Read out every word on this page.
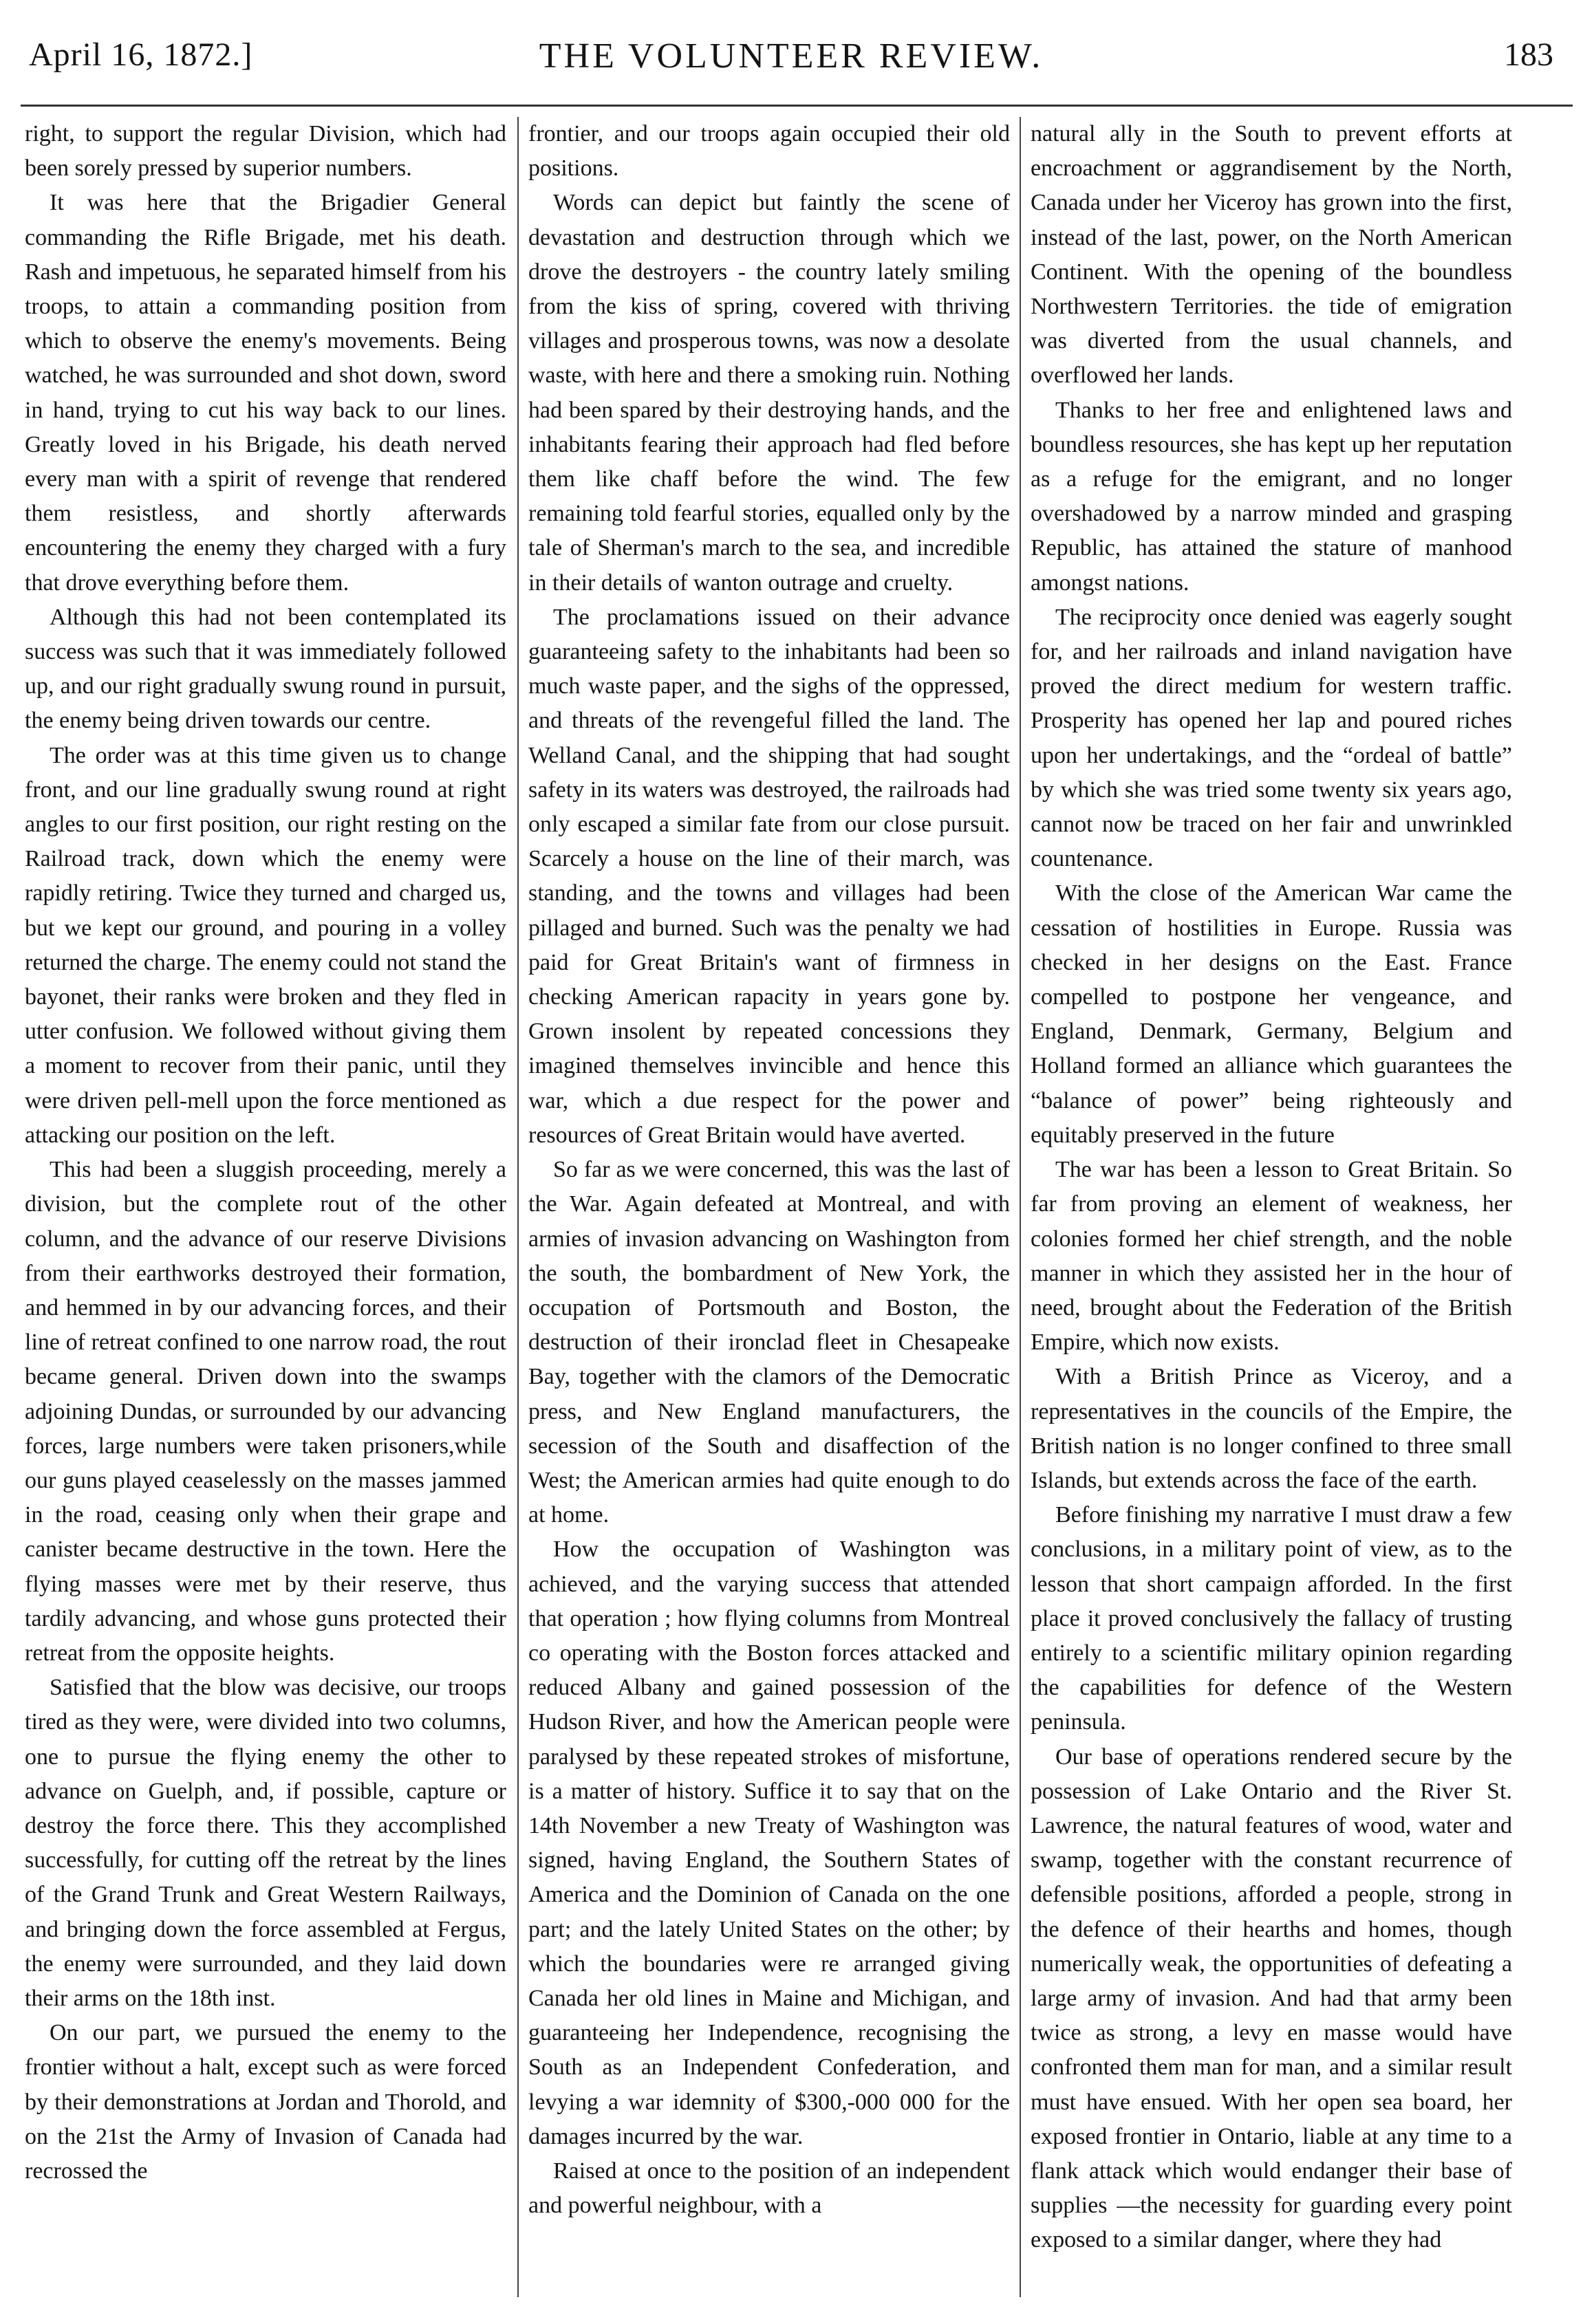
April 16, 1872.]	THE VOLUNTEER REVIEW.	183

right, to support the regular Division, which had been sorely pressed by superior numbers.

It was here that the Brigadier General commanding the Rifle Brigade, met his death. Rash and impetuous, he separated himself from his troops, to attain a commanding position from which to observe the enemy's movements. Being watched, he was surrounded and shot down, sword in hand, trying to cut his way back to our lines. Greatly loved in his Brigade, his death nerved every man with a spirit of revenge that rendered them resistless, and shortly afterwards encountering the enemy they charged with a fury that drove everything before them.

Although this had not been contemplated its success was such that it was immediately followed up, and our right gradually swung round in pursuit, the enemy being driven towards our centre.

The order was at this time given us to change front, and our line gradually swung round at right angles to our first position, our right resting on the Railroad track, down which the enemy were rapidly retiring. Twice they turned and charged us, but we kept our ground, and pouring in a volley returned the charge. The enemy could not stand the bayonet, their ranks were broken and they fled in utter confusion. We followed without giving them a moment to recover from their panic, until they were driven pell-mell upon the force mentioned as attacking our position on the left.

This had been a sluggish proceeding, merely a division, but the complete rout of the other column, and the advance of our reserve Divisions from their earthworks destroyed their formation, and hemmed in by our advancing forces, and their line of retreat confined to one narrow road, the rout became general. Driven down into the swamps adjoining Dundas, or surrounded by our advancing forces, large numbers were taken prisoners,while our guns played ceaselessly on the masses jammed in the road, ceasing only when their grape and canister became destructive in the town. Here the flying masses were met by their reserve, thus tardily advancing, and whose guns protected their retreat from the opposite heights.

Satisfied that the blow was decisive, our troops tired as they were, were divided into two columns, one to pursue the flying enemy the other to advance on Guelph, and, if possible, capture or destroy the force there. This they accomplished successfully, for cutting off the retreat by the lines of the Grand Trunk and Great Western Railways, and bringing down the force assembled at Fergus, the enemy were surrounded, and they laid down their arms on the 18th inst.

On our part, we pursued the enemy to the frontier without a halt, except such as were forced by their demonstrations at Jordan and Thorold, and on the 21st the Army of Invasion of Canada had recrossed the

frontier, and our troops again occupied their old positions.

Words can depict but faintly the scene of devastation and destruction through which we drove the destroyers - the country lately smiling from the kiss of spring, covered with thriving villages and prosperous towns, was now a desolate waste, with here and there a smoking ruin. Nothing had been spared by their destroying hands, and the inhabitants fearing their approach had fled before them like chaff before the wind. The few remaining told fearful stories, equalled only by the tale of Sherman's march to the sea, and incredible in their details of wanton outrage and cruelty.

The proclamations issued on their advance guaranteeing safety to the inhabitants had been so much waste paper, and the sighs of the oppressed, and threats of the revengeful filled the land. The Welland Canal, and the shipping that had sought safety in its waters was destroyed, the railroads had only escaped a similar fate from our close pursuit. Scarcely a house on the line of their march, was standing, and the towns and villages had been pillaged and burned. Such was the penalty we had paid for Great Britain's want of firmness in checking American rapacity in years gone by. Grown insolent by repeated concessions they imagined themselves invincible and hence this war, which a due respect for the power and resources of Great Britain would have averted.

So far as we were concerned, this was the last of the War. Again defeated at Montreal, and with armies of invasion advancing on Washington from the south, the bombardment of New York, the occupation of Portsmouth and Boston, the destruction of their ironclad fleet in Chesapeake Bay, together with the clamors of the Democratic press, and New England manufacturers, the secession of the South and disaffection of the West; the American armies had quite enough to do at home.

How the occupation of Washington was achieved, and the varying success that attended that operation ; how flying columns from Montreal co operating with the Boston forces attacked and reduced Albany and gained possession of the Hudson River, and how the American people were paralysed by these repeated strokes of misfortune, is a matter of history. Suffice it to say that on the 14th November a new Treaty of Washington was signed, having England, the Southern States of America and the Dominion of Canada on the one part; and the lately United States on the other; by which the boundaries were re arranged giving Canada her old lines in Maine and Michigan, and guaranteeing her Independence, recognising the South as an Independent Confederation, and levying a war idemnity of $300,-000 000 for the damages incurred by the war.

Raised at once to the position of an independent and powerful neighbour, with a

natural ally in the South to prevent efforts at encroachment or aggrandisement by the North, Canada under her Viceroy has grown into the first, instead of the last, power, on the North American Continent. With the opening of the boundless Northwestern Territories. the tide of emigration was diverted from the usual channels, and overflowed her lands.

Thanks to her free and enlightened laws and boundless resources, she has kept up her reputation as a refuge for the emigrant, and no longer overshadowed by a narrow minded and grasping Republic, has attained the stature of manhood amongst nations.

The reciprocity once denied was eagerly sought for, and her railroads and inland navigation have proved the direct medium for western traffic. Prosperity has opened her lap and poured riches upon her undertakings, and the “ordeal of battle” by which she was tried some twenty six years ago, cannot now be traced on her fair and unwrinkled countenance.

With the close of the American War came the cessation of hostilities in Europe. Russia was checked in her designs on the East. France compelled to postpone her vengeance, and England, Denmark, Germany, Belgium and Holland formed an alliance which guarantees the “balance of power” being righteously and equitably preserved in the future

The war has been a lesson to Great Britain. So far from proving an element of weakness, her colonies formed her chief strength, and the noble manner in which they assisted her in the hour of need, brought about the Federation of the British Empire, which now exists.

With a British Prince as Viceroy, and a representatives in the councils of the Empire, the British nation is no longer confined to three small Islands, but extends across the face of the earth.

Before finishing my narrative I must draw a few conclusions, in a military point of view, as to the lesson that short campaign afforded. In the first place it proved conclusively the fallacy of trusting entirely to a scientific military opinion regarding the capabilities for defence of the Western peninsula.

Our base of operations rendered secure by the possession of Lake Ontario and the River St. Lawrence, the natural features of wood, water and swamp, together with the constant recurrence of defensible positions, afforded a people, strong in the defence of their hearths and homes, though numerically weak, the opportunities of defeating a large army of invasion. And had that army been twice as strong, a levy en masse would have confronted them man for man, and a similar result must have ensued. With her open sea board, her exposed frontier in Ontario, liable at any time to a flank attack which would endanger their base of supplies —the necessity for guarding every point exposed to a similar danger, where they had
